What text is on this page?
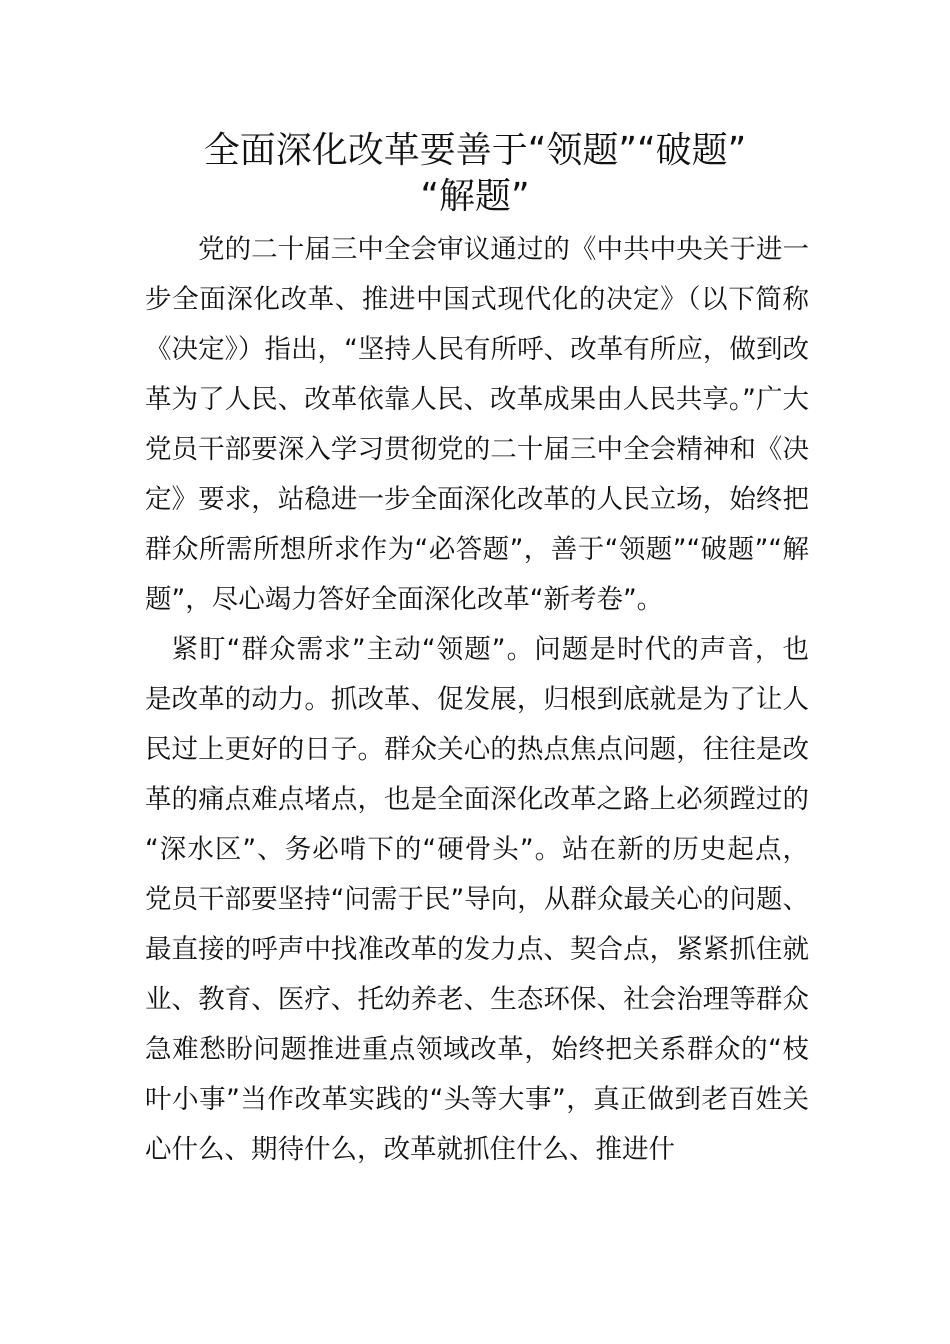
全面深化改革要善于“领题”“破题”
“解题”

党的二十届三中全会审议通过的《中共中央关于进一步全面深化改革、推进中国式现代化的决定》（以下简称《决定》）指出，“坚持人民有所呼、改革有所应，做到改革为了人民、改革依靠人民、改革成果由人民共享。”广大党员干部要深入学习贯彻党的二十届三中全会精神和《决定》要求，站稳进一步全面深化改革的人民立场，始终把群众所需所想所求作为“必答题”，善于“领题”“破题”“解题”，尽心竭力答好全面深化改革“新考卷”。

紧盯“群众需求”主动“领题”。问题是时代的声音，也是改革的动力。抓改革、促发展，归根到底就是为了让人民过上更好的日子。群众关心的热点焦点问题，往往是改革的痛点难点堵点，也是全面深化改革之路上必须蹚过的“深水区”、务必啃下的“硬骨头”。站在新的历史起点，党员干部要坚持“问需于民”导向，从群众最关心的问题、最直接的呼声中找准改革的发力点、契合点，紧紧抓住就业、教育、医疗、托幼养老、生态环保、社会治理等群众急难愁盼问题推进重点领域改革，始终把关系群众的“枝叶小事”当作改革实践的“头等大事”，真正做到老百姓关心什么、期待什么，改革就抓住什么、推进什
